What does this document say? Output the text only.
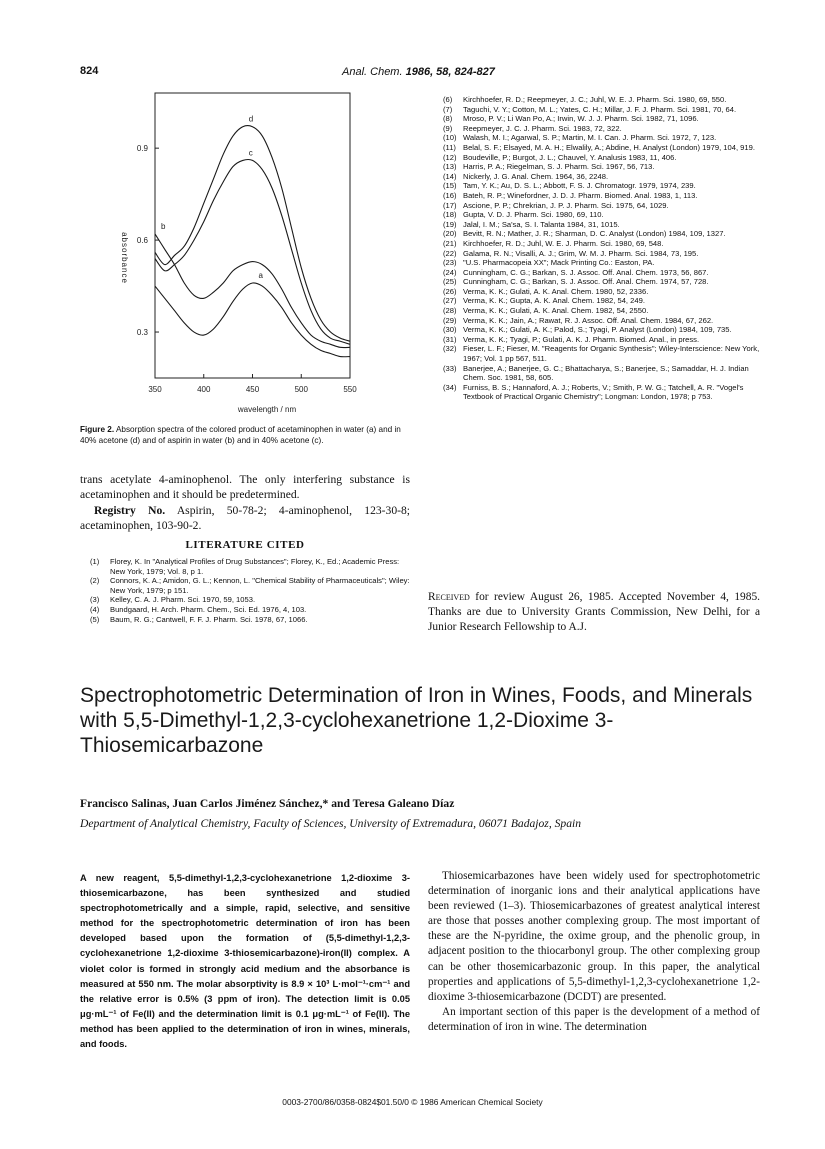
824	Anal. Chem. 1986, 58, 824-827
d
c
b
a
350	400	450	500	550
0.3
0.6
0.9
wavelength / nm
absorbance
Figure 2. Absorption spectra of the colored product of acetaminophen in water (a) and in 40% acetone (d) and of aspirin in water (b) and in 40% acetone (c).
trans acetylate 4-aminophenol. The only interfering substance is acetaminophen and it should be predetermined.
Registry No. Aspirin, 50-78-2; 4-aminophenol, 123-30-8; acetaminophen, 103-90-2.
LITERATURE CITED
(1)	Florey, K. In "Analytical Profiles of Drug Substances"; Florey, K., Ed.; Academic Press: New York, 1979; Vol. 8, p 1.
(2)	Connors, K. A.; Amidon, G. L.; Kennon, L. "Chemical Stability of Pharmaceuticals"; Wiley: New York, 1979; p 151.
(3)	Kelley, C. A. J. Pharm. Sci. 1970, 59, 1053.
(4)	Bundgaard, H. Arch. Pharm. Chem., Sci. Ed. 1976, 4, 103.
(5)	Baum, R. G.; Cantwell, F. F. J. Pharm. Sci. 1978, 67, 1066.
(6)	Kirchhoefer, R. D.; Reepmeyer, J. C.; Juhl, W. E. J. Pharm. Sci. 1980, 69, 550.
(7)	Taguchi, V. Y.; Cotton, M. L.; Yates, C. H.; Millar, J. F. J. Pharm. Sci. 1981, 70, 64.
(8)	Mroso, P. V.; Li Wan Po, A.; Irwin, W. J. J. Pharm. Sci. 1982, 71, 1096.
(9)	Reepmeyer, J. C. J. Pharm. Sci. 1983, 72, 322.
(10) Walash, M. I.; Agarwal, S. P.; Martin, M. I. Can. J. Pharm. Sci. 1972, 7, 123.
(11) Belal, S. F.; Elsayed, M. A. H.; Elwalily, A.; Abdine, H. Analyst (London) 1979, 104, 919.
(12) Boudeville, P.; Burgot, J. L.; Chauvel, Y. Analusis 1983, 11, 406.
(13) Harris, P. A.; Riegelman, S. J. Pharm. Sci. 1967, 56, 713.
(14) Nickerly, J. G. Anal. Chem. 1964, 36, 2248.
(15) Tam, Y. K.; Au, D. S. L.; Abbott, F. S. J. Chromatogr. 1979, 1974, 239.
(16) Bateh, R. P.; Winefordner, J. D. J. Pharm. Biomed. Anal. 1983, 1, 113.
(17) Ascione, P. P.; Chrekrian, J. P. J. Pharm. Sci. 1975, 64, 1029.
(18) Gupta, V. D. J. Pharm. Sci. 1980, 69, 110.
(19) Jalal, I. M.; Sa'sa, S. I. Talanta 1984, 31, 1015.
(20) Bevitt, R. N.; Mather, J. R.; Sharman, D. C. Analyst (London) 1984, 109, 1327.
(21) Kirchhoefer, R. D.; Juhl, W. E. J. Pharm. Sci. 1980, 69, 548.
(22) Galama, R. N.; Visalli, A. J.; Grim, W. M. J. Pharm. Sci. 1984, 73, 195.
(23) "U.S. Pharmacopeia XX"; Mack Printing Co.: Easton, PA.
(24) Cunningham, C. G.; Barkan, S. J. Assoc. Off. Anal. Chem. 1973, 56, 867.
(25) Cunningham, C. G.; Barkan, S. J. Assoc. Off. Anal. Chem. 1974, 57, 728.
(26) Verma, K. K.; Gulati, A. K. Anal. Chem. 1980, 52, 2336.
(27) Verma, K. K.; Gupta, A. K. Anal. Chem. 1982, 54, 249.
(28) Verma, K. K.; Gulati, A. K. Anal. Chem. 1982, 54, 2550.
(29) Verma, K. K.; Jain, A.; Rawat, R. J. Assoc. Off. Anal. Chem. 1984, 67, 262.
(30) Verma, K. K.; Gulati, A. K.; Palod, S.; Tyagi, P. Analyst (London) 1984, 109, 735.
(31) Verma, K. K.; Tyagi, P.; Gulati, A. K. J. Pharm. Biomed. Anal., in press.
(32) Fieser, L. F.; Fieser, M. "Reagents for Organic Synthesis"; Wiley-Interscience: New York, 1967; Vol. 1 pp 567, 511.
(33) Banerjee, A.; Banerjee, G. C.; Bhattacharya, S.; Banerjee, S.; Samaddar, H. J. Indian Chem. Soc. 1981, 58, 605.
(34) Furniss, B. S.; Hannaford, A. J.; Roberts, V.; Smith, P. W. G.; Tatchell, A. R. "Vogel's Textbook of Practical Organic Chemistry"; Longman: London, 1978; p 753.
Received for review August 26, 1985. Accepted November 4, 1985. Thanks are due to University Grants Commission, New Delhi, for a Junior Research Fellowship to A.J.
Spectrophotometric Determination of Iron in Wines, Foods, and Minerals with 5,5-Dimethyl-1,2,3-cyclohexanetrione 1,2-Dioxime 3-Thiosemicarbazone
Francisco Salinas, Juan Carlos Jiménez Sánchez,* and Teresa Galeano Díaz
Department of Analytical Chemistry, Faculty of Sciences, University of Extremadura, 06071 Badajoz, Spain
A new reagent, 5,5-dimethyl-1,2,3-cyclohexanetrione 1,2-dioxime 3-thiosemicarbazone, has been synthesized and studied spectrophotometrically and a simple, rapid, selective, and sensitive method for the spectrophotometric determination of iron has been developed based upon the formation of (5,5-dimethyl-1,2,3-cyclohexanetrione 1,2-dioxime 3-thiosemicarbazone)-iron(II) complex. A violet color is formed in strongly acid medium and the absorbance is measured at 550 nm. The molar absorptivity is 8.9 × 10³ L·mol⁻¹·cm⁻¹ and the relative error is 0.5% (3 ppm of iron). The detection limit is 0.05 μg·mL⁻¹ of Fe(II) and the determination limit is 0.1 μg·mL⁻¹ of Fe(II). The method has been applied to the determination of iron in wines, minerals, and foods.

Thiosemicarbazones have been widely used for spectrophotometric determination of inorganic ions and their analytical applications have been reviewed (1–3). Thiosemicarbazones of greatest analytical interest are those that posses another complexing group. The most important of these are the N-pyridine, the oxime group, and the phenolic group, in adjacent position to the thiocarbonyl group. The other complexing group can be other thosemicarbazonic group. In this paper, the analytical properties and applications of 5,5-dimethyl-1,2,3-cyclohexanetrione 1,2-dioxime 3-thiosemicarbazone (DCDT) are presented.

An important section of this paper is the development of a method of determination of iron in wine. The determination

0003-2700/86/0358-0824$01.50/0 © 1986 American Chemical Society
